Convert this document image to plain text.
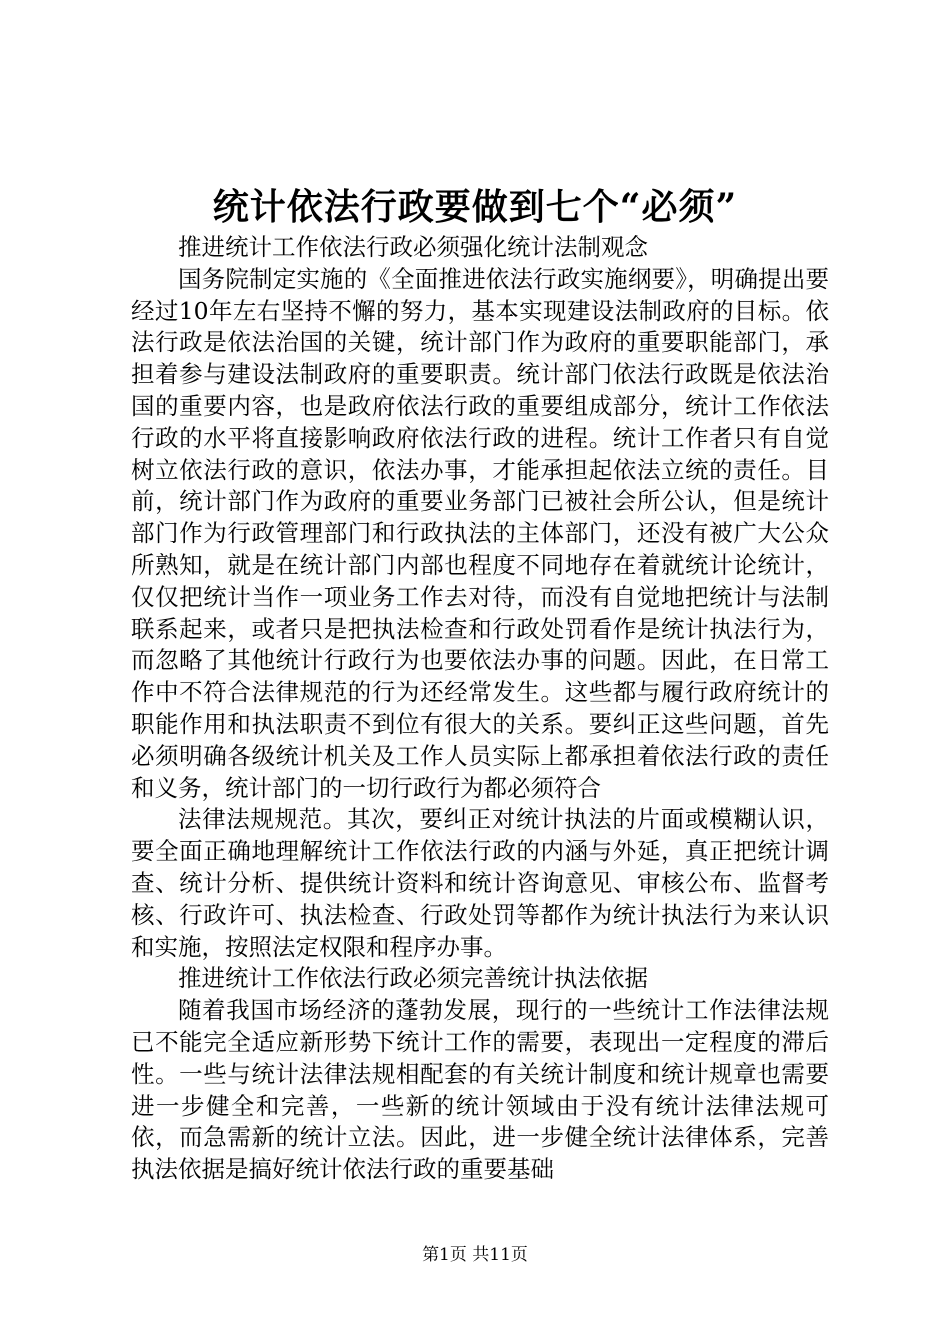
统计依法行政要做到七个“必须”

推进统计工作依法行政必须强化统计法制观念

国务院制定实施的《全面推进依法行政实施纲要》，明确提出要经过10年左右坚持不懈的努力，基本实现建设法制政府的目标。依法行政是依法治国的关键，统计部门作为政府的重要职能部门，承担着参与建设法制政府的重要职责。统计部门依法行政既是依法治国的重要内容，也是政府依法行政的重要组成部分，统计工作依法行政的水平将直接影响政府依法行政的进程。统计工作者只有自觉树立依法行政的意识，依法办事，才能承担起依法立统的责任。目前，统计部门作为政府的重要业务部门已被社会所公认，但是统计部门作为行政管理部门和行政执法的主体部门，还没有被广大公众所熟知，就是在统计部门内部也程度不同地存在着就统计论统计，仅仅把统计当作一项业务工作去对待，而没有自觉地把统计与法制联系起来，或者只是把执法检查和行政处罚看作是统计执法行为，而忽略了其他统计行政行为也要依法办事的问题。因此，在日常工作中不符合法律规范的行为还经常发生。这些都与履行政府统计的职能作用和执法职责不到位有很大的关系。要纠正这些问题，首先必须明确各级统计机关及工作人员实际上都承担着依法行政的责任和义务，统计部门的一切行政行为都必须符合

法律法规规范。其次，要纠正对统计执法的片面或模糊认识，要全面正确地理解统计工作依法行政的内涵与外延，真正把统计调查、统计分析、提供统计资料和统计咨询意见、审核公布、监督考核、行政许可、执法检查、行政处罚等都作为统计执法行为来认识和实施，按照法定权限和程序办事。

推进统计工作依法行政必须完善统计执法依据

随着我国市场经济的蓬勃发展，现行的一些统计工作法律法规已不能完全适应新形势下统计工作的需要，表现出一定程度的滞后性。一些与统计法律法规相配套的有关统计制度和统计规章也需要进一步健全和完善，一些新的统计领域由于没有统计法律法规可依，而急需新的统计立法。因此，进一步健全统计法律体系，完善执法依据是搞好统计依法行政的重要基础

第1页 共11页
